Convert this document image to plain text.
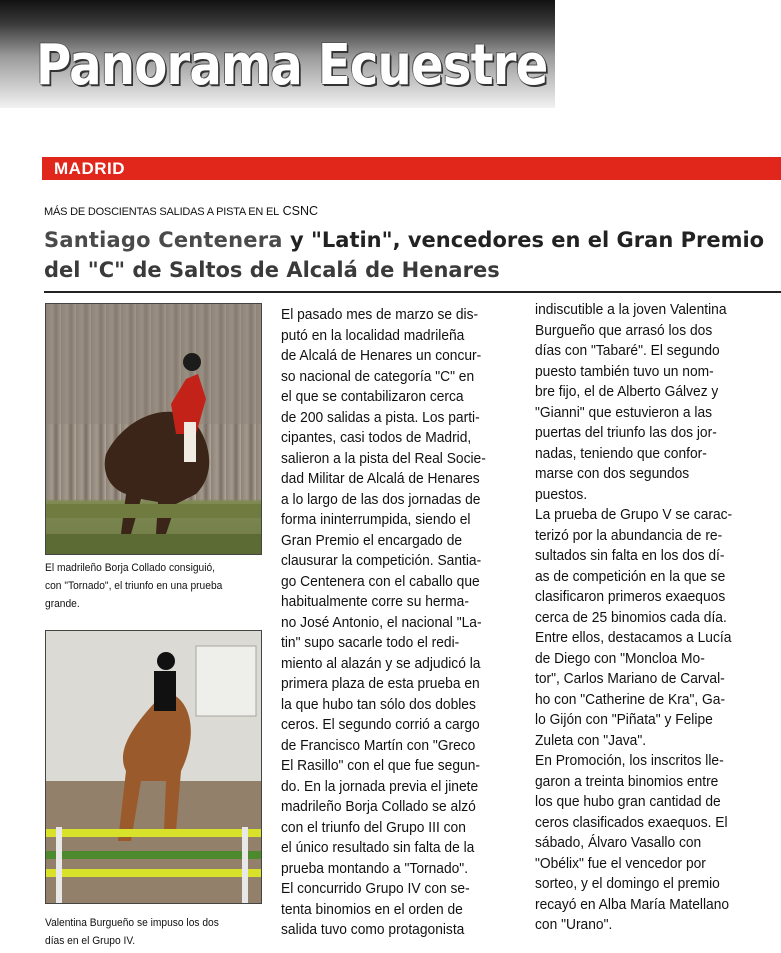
Panorama Ecuestre
MADRID
MÁS DE DOSCIENTAS SALIDAS A PISTA EN EL CSNC
Santiago Centenera y "Latin", vencedores en el Gran Premio
del "C" de Saltos de Alcalá de Henares
El madrileño Borja Collado consiguió,
con "Tornado", el triunfo en una prueba
grande.
Valentina Burgueño se impuso los dos
días en el Grupo IV.
El pasado mes de marzo se dis-
putó en la localidad madrileña
de Alcalá de Henares un concur-
so nacional de categoría "C" en
el que se contabilizaron cerca
de 200 salidas a pista. Los parti-
cipantes, casi todos de Madrid,
salieron a la pista del Real Socie-
dad Militar de Alcalá de Henares
a lo largo de las dos jornadas de
forma ininterrumpida, siendo el
Gran Premio el encargado de
clausurar la competición. Santia-
go Centenera con el caballo que
habitualmente corre su herma-
no José Antonio, el nacional "La-
tin" supo sacarle todo el redi-
miento al alazán y se adjudicó la
primera plaza de esta prueba en
la que hubo tan sólo dos dobles
ceros. El segundo corrió a cargo
de Francisco Martín con "Greco
El Rasillo" con el que fue segun-
do. En la jornada previa el jinete
madrileño Borja Collado se alzó
con el triunfo del Grupo III con
el único resultado sin falta de la
prueba montando a "Tornado".
El concurrido Grupo IV con se-
tenta binomios en el orden de
salida tuvo como protagonista
indiscutible a la joven Valentina
Burgueño que arrasó los dos
días con "Tabaré". El segundo
puesto también tuvo un nom-
bre fijo, el de Alberto Gálvez y
"Gianni" que estuvieron a las
puertas del triunfo las dos jor-
nadas, teniendo que confor-
marse con dos segundos
puestos.
La prueba de Grupo V se carac-
terizó por la abundancia de re-
sultados sin falta en los dos dí-
as de competición en la que se
clasificaron primeros exaequos
cerca de 25 binomios cada día.
Entre ellos, destacamos a Lucía
de Diego con "Moncloa Mo-
tor", Carlos Mariano de Carval-
ho con "Catherine de Kra", Ga-
lo Gijón con "Piñata" y Felipe
Zuleta con "Java".
En Promoción, los inscritos lle-
garon a treinta binomios entre
los que hubo gran cantidad de
ceros clasificados exaequos. El
sábado, Álvaro Vasallo con
"Obélix" fue el vencedor por
sorteo, y el domingo el premio
recayó en Alba María Matellano
con "Urano".
